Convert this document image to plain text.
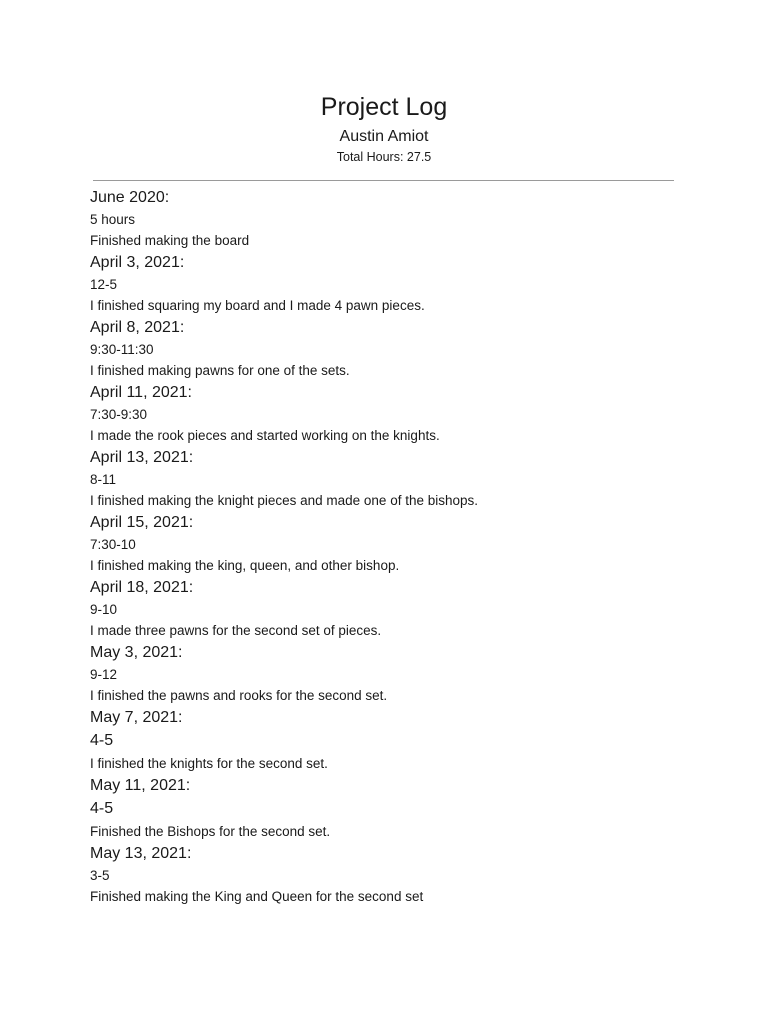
Project Log
Austin Amiot
Total Hours: 27.5
June 2020:
5 hours
Finished making the board
April 3, 2021:
12-5
I finished squaring my board and I made 4 pawn pieces.
April 8, 2021:
9:30-11:30
I finished making pawns for one of the sets.
April 11, 2021:
7:30-9:30
I made the rook pieces and started working on the knights.
April 13, 2021:
8-11
I finished making the knight pieces and made one of the bishops.
April 15, 2021:
7:30-10
I finished making the king, queen, and other bishop.
April 18, 2021:
9-10
I made three pawns for the second set of pieces.
May 3, 2021:
9-12
I finished the pawns and rooks for the second set.
May 7, 2021:
4-5
I finished the knights for the second set.
May 11, 2021:
4-5
Finished the Bishops for the second set.
May 13, 2021:
3-5
Finished making the King and Queen for the second set
